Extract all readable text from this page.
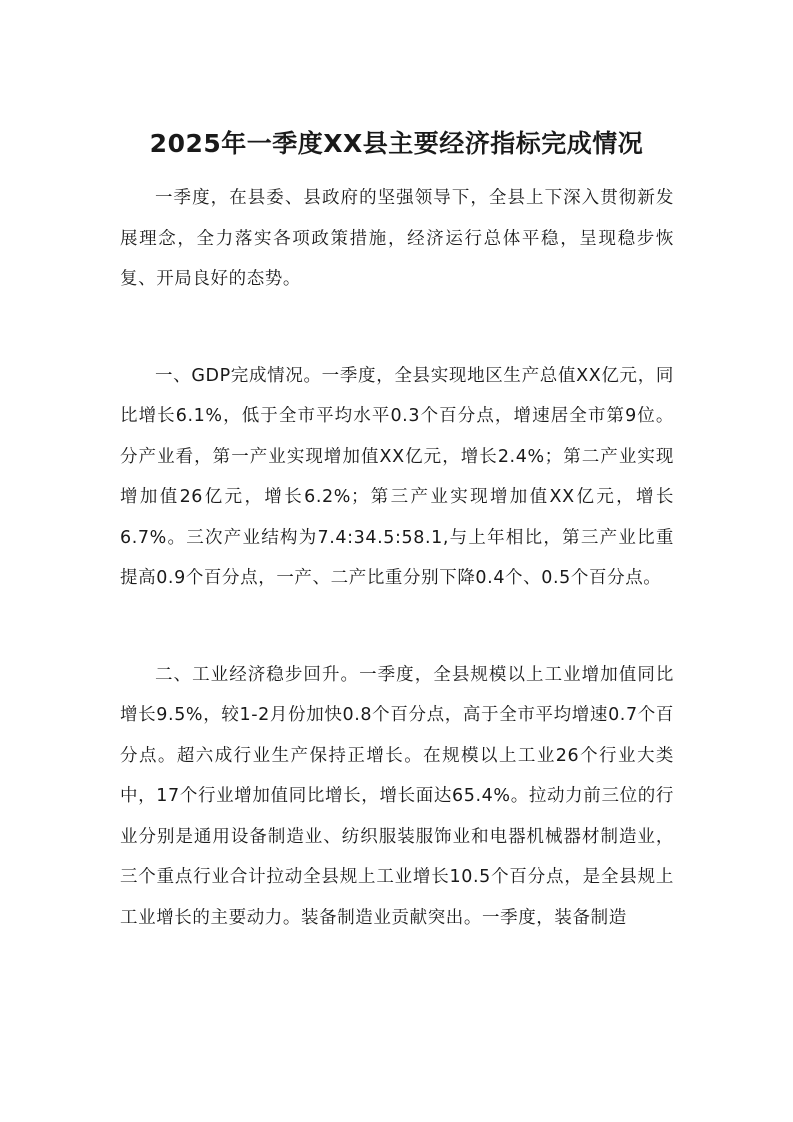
2025年一季度XX县主要经济指标完成情况

一季度，在县委、县政府的坚强领导下，全县上下深入贯彻新发展理念，全力落实各项政策措施，经济运行总体平稳，呈现稳步恢复、开局良好的态势。

一、GDP完成情况。一季度，全县实现地区生产总值XX亿元，同比增长6.1%，低于全市平均水平0.3个百分点，增速居全市第9位。分产业看，第一产业实现增加值XX亿元，增长2.4%；第二产业实现增加值26亿元，增长6.2%；第三产业实现增加值XX亿元，增长6.7%。三次产业结构为7.4:34.5:58.1,与上年相比，第三产业比重提高0.9个百分点，一产、二产比重分别下降0.4个、0.5个百分点。

二、工业经济稳步回升。一季度，全县规模以上工业增加值同比增长9.5%，较1-2月份加快0.8个百分点，高于全市平均增速0.7个百分点。超六成行业生产保持正增长。在规模以上工业26个行业大类中，17个行业增加值同比增长，增长面达65.4%。拉动力前三位的行业分别是通用设备制造业、纺织服装服饰业和电器机械器材制造业，三个重点行业合计拉动全县规上工业增长10.5个百分点，是全县规上工业增长的主要动力。装备制造业贡献突出。一季度，装备制造
